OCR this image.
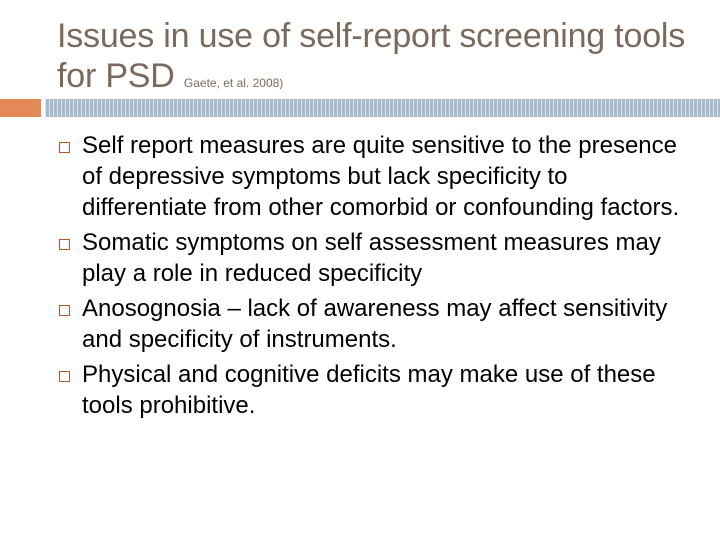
Issues in use of self-report screening tools for PSD Gaete, et al. 2008)
Self report measures are quite sensitive to the presence of depressive symptoms but lack specificity to differentiate from other comorbid or confounding factors.
Somatic symptoms on self assessment measures may play a role in reduced specificity
Anosognosia – lack of awareness may affect sensitivity and specificity of instruments.
Physical and cognitive deficits may make use of these tools prohibitive.
